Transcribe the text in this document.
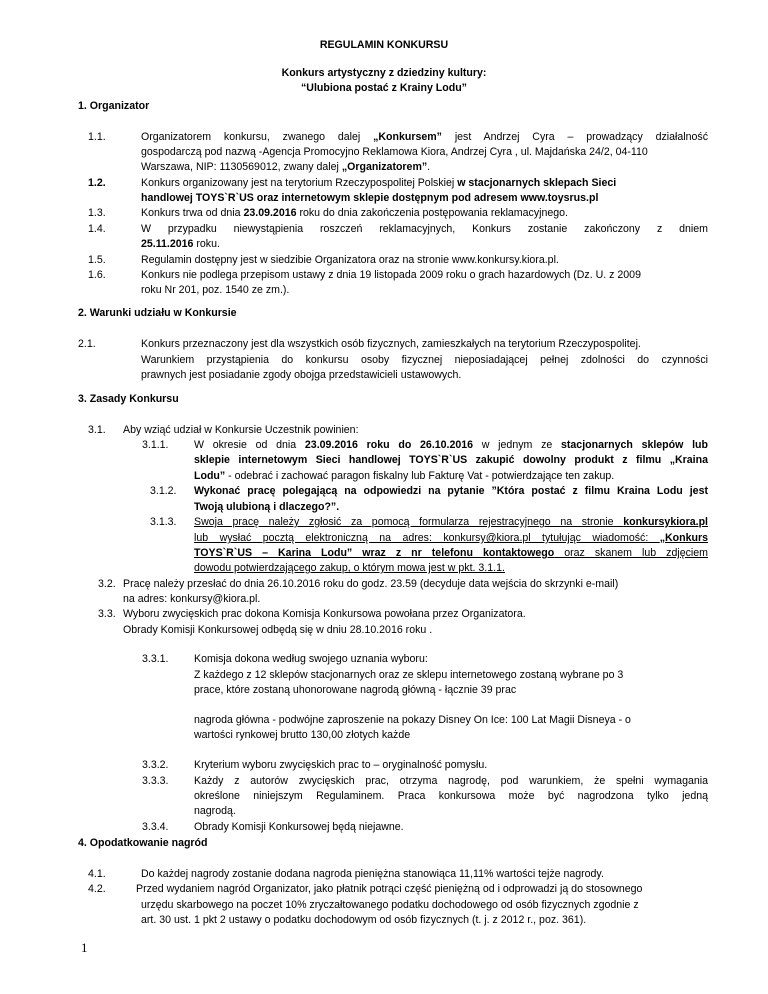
REGULAMIN KONKURSU
Konkurs artystyczny z dziedziny kultury:
“Ulubiona postać z Krainy Lodu”
1. Organizator
1.1.	Organizatorem konkursu, zwanego dalej „Konkursem” jest Andrzej Cyra – prowadzący działalność
gospodarczą pod nazwą -Agencja Promocyjno Reklamowa Kiora, Andrzej Cyra , ul. Majdańska 24/2, 04-110
Warszawa, NIP: 1130569012, zwany dalej „Organizatorem”.
1.2.	Konkurs organizowany jest na terytorium Rzeczypospolitej Polskiej w stacjonarnych sklepach Sieci
handlowej TOYS`R`US oraz internetowym sklepie dostępnym pod adresem www.toysrus.pl
1.3.	Konkurs trwa od dnia 23.09.2016 roku do dnia zakończenia postępowania reklamacyjnego.
1.4.	W przypadku niewystąpienia roszczeń reklamacyjnych, Konkurs zostanie zakończony z dniem
25.11.2016 roku.
1.5.	Regulamin dostępny jest w siedzibie Organizatora oraz na stronie www.konkursy.kiora.pl.
1.6.	Konkurs nie podlega przepisom ustawy z dnia 19 listopada 2009 roku o grach hazardowych (Dz. U. z 2009
roku Nr 201, poz. 1540 ze zm.).
2. Warunki udziału w Konkursie
2.1.	Konkurs przeznaczony jest dla wszystkich osób fizycznych, zamieszkałych na terytorium Rzeczypospolitej.
Warunkiem przystąpienia do konkursu osoby fizycznej nieposiadającej pełnej zdolności do czynności
prawnych jest posiadanie zgody obojga przedstawicieli ustawowych.
3. Zasady Konkursu
3.1. Aby wziąć udział w Konkursie Uczestnik powinien:
3.1.1. W okresie od dnia 23.09.2016 roku do 26.10.2016 w jednym ze stacjonarnych sklepów lub
sklepie internetowym Sieci handlowej TOYS`R`US zakupić dowolny produkt z filmu „Kraina
Lodu” - odebrać i zachować paragon fiskalny lub Fakturę Vat - potwierdzające ten zakup.
3.1.2. Wykonać pracę polegającą na odpowiedzi na pytanie ”Która postać z filmu Kraina Lodu jest
Twoją ulubioną i dlaczego?”.
3.1.3. Swoja pracę należy zgłosić za pomocą formularza rejestracyjnego na stronie konkursykiora.pl
lub wysłać pocztą elektroniczną na adres: konkursy@kiora.pl tytułując wiadomość: „Konkurs
TOYS`R`US – Karina Lodu” wraz z nr telefonu kontaktowego oraz skanem lub zdjęciem
dowodu potwierdzającego zakup, o którym mowa jest w pkt. 3.1.1.
3.2. Pracę należy przesłać do dnia 26.10.2016 roku do godz. 23.59 (decyduje data wejścia do skrzynki e-mail)
na adres: konkursy@kiora.pl.
3.3. Wyboru zwycięskich prac dokona Komisja Konkursowa powołana przez Organizatora.
Obrady Komisji Konkursowej odbędą się w dniu 28.10.2016 roku .
3.3.1. Komisja dokona według swojego uznania wyboru:
Z każdego z 12 sklepów stacjonarnych oraz ze sklepu internetowego zostaną wybrane po 3
prace, które zostaną uhonorowane nagrodą główną - łącznie 39 prac
nagroda główna - podwójne zaproszenie na pokazy Disney On Ice: 100 Lat Magii Disneya - o
wartości rynkowej brutto 130,00 złotych każde
3.3.2. Kryterium wyboru zwycięskich prac to – oryginalność pomysłu.
3.3.3. Każdy z autorów zwycięskich prac, otrzyma nagrodę, pod warunkiem, że spełni wymagania
określone niniejszym Regulaminem. Praca konkursowa może być nagrodzona tylko jedną
nagrodą.
3.3.4. Obrady Komisji Konkursowej będą niejawne.
4. Opodatkowanie nagród
4.1.	Do każdej nagrody zostanie dodana nagroda pieniężna stanowiąca 11,11% wartości tejże nagrody.
4.2.	Przed wydaniem nagród Organizator, jako płatnik potrąci część pieniężną od i odprowadzi ją do stosownego
urzędu skarbowego na poczet 10% zryczałtowanego podatku dochodowego od osób fizycznych zgodnie z
art. 30 ust. 1 pkt 2 ustawy o podatku dochodowym od osób fizycznych (t. j. z 2012 r., poz. 361).
1
